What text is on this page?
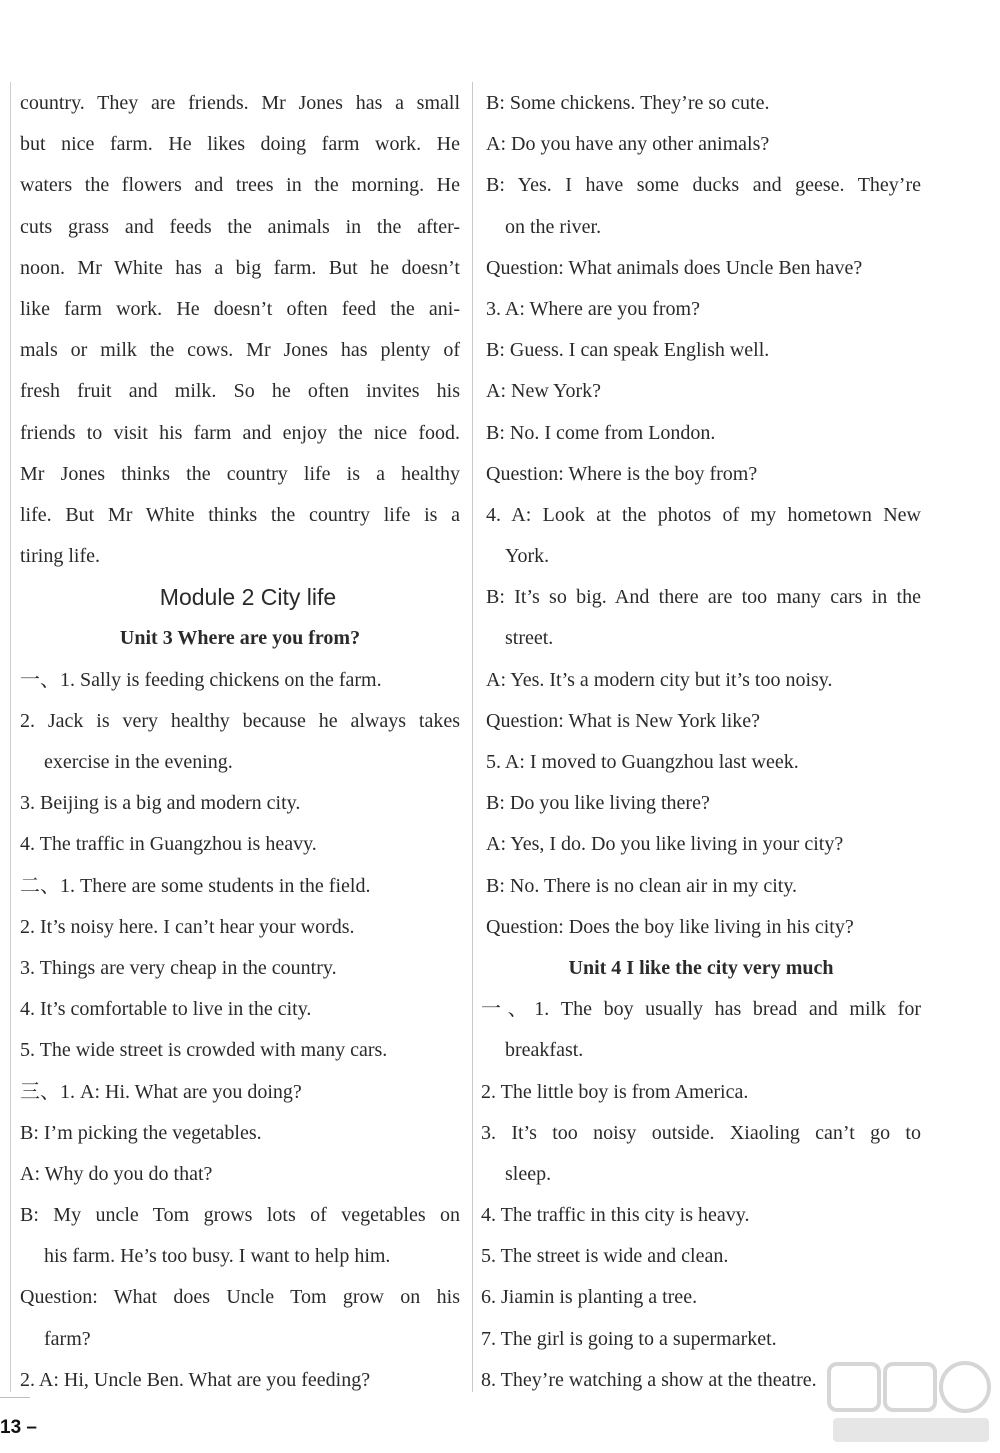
country. They are friends. Mr Jones has a small
but nice farm. He likes doing farm work. He
waters the flowers and trees in the morning. He
cuts grass and feeds the animals in the after-
noon. Mr White has a big farm. But he doesn’t
like farm work. He doesn’t often feed the ani-
mals or milk the cows. Mr Jones has plenty of
fresh fruit and milk. So he often invites his
friends to visit his farm and enjoy the nice food.
Mr Jones thinks the country life is a healthy
life. But Mr White thinks the country life is a
tiring life.
Module 2 City life
Unit 3 Where are you from?
一、1. Sally is feeding chickens on the farm.
2. Jack is very healthy because he always takes
exercise in the evening.
3. Beijing is a big and modern city.
4. The traffic in Guangzhou is heavy.
二、1. There are some students in the field.
2. It’s noisy here. I can’t hear your words.
3. Things are very cheap in the country.
4. It’s comfortable to live in the city.
5. The wide street is crowded with many cars.
三、1. A: Hi. What are you doing?
B: I’m picking the vegetables.
A: Why do you do that?
B: My uncle Tom grows lots of vegetables on
his farm. He’s too busy. I want to help him.
Question: What does Uncle Tom grow on his
farm?
2. A: Hi, Uncle Ben. What are you feeding?
B: Some chickens. They’re so cute.
A: Do you have any other animals?
B: Yes. I have some ducks and geese. They’re
on the river.
Question: What animals does Uncle Ben have?
3. A: Where are you from?
B: Guess. I can speak English well.
A: New York?
B: No. I come from London.
Question: Where is the boy from?
4. A: Look at the photos of my hometown New
York.
B: It’s so big. And there are too many cars in the
street.
A: Yes. It’s a modern city but it’s too noisy.
Question: What is New York like?
5. A: I moved to Guangzhou last week.
B: Do you like living there?
A: Yes, I do. Do you like living in your city?
B: No. There is no clean air in my city.
Question: Does the boy like living in his city?
Unit 4 I like the city very much
一、1. The boy usually has bread and milk for
breakfast.
2. The little boy is from America.
3. It’s too noisy outside. Xiaoling can’t go to
sleep.
4. The traffic in this city is heavy.
5. The street is wide and clean.
6. Jiamin is planting a tree.
7. The girl is going to a supermarket.
8. They’re watching a show at the theatre.
13 –
